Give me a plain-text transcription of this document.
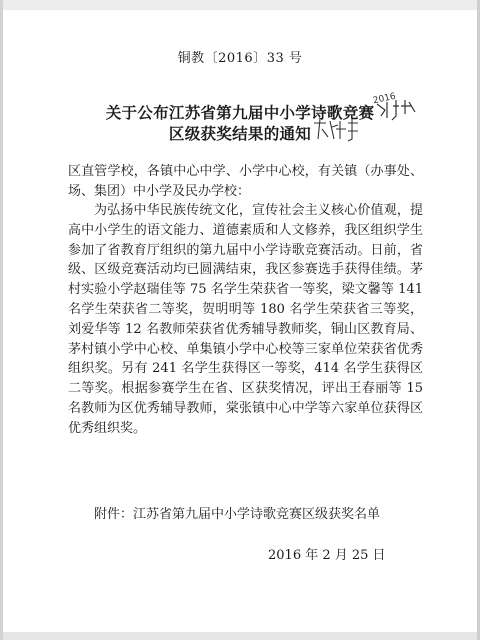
铜教〔2016〕33 号
关于公布江苏省第九届中小学诗歌竞赛
区级获奖结果的通知
2016

区直管学校，各镇中心中学、小学中心校，有关镇（办事处、场、集团）中小学及民办学校：

为弘扬中华民族传统文化，宣传社会主义核心价值观，提高中小学生的语文能力、道德素质和人文修养，我区组织学生参加了省教育厅组织的第九届中小学诗歌竞赛活动。日前，省级、区级竞赛活动均已圆满结束，我区参赛选手获得佳绩。茅村实验小学赵瑞佳等 75 名学生荣获省一等奖，梁文馨等 141 名学生荣获省二等奖，贺明明等 180 名学生荣获省三等奖，刘爱华等 12 名教师荣获省优秀辅导教师奖，铜山区教育局、茅村镇小学中心校、单集镇小学中心校等三家单位荣获省优秀组织奖。另有 241 名学生获得区一等奖，414 名学生获得区二等奖。根据参赛学生在省、区获奖情况，评出王春丽等 15 名教师为区优秀辅导教师，棠张镇中心中学等六家单位获得区优秀组织奖。

附件：江苏省第九届中小学诗歌竞赛区级获奖名单

2016 年 2 月 25 日
